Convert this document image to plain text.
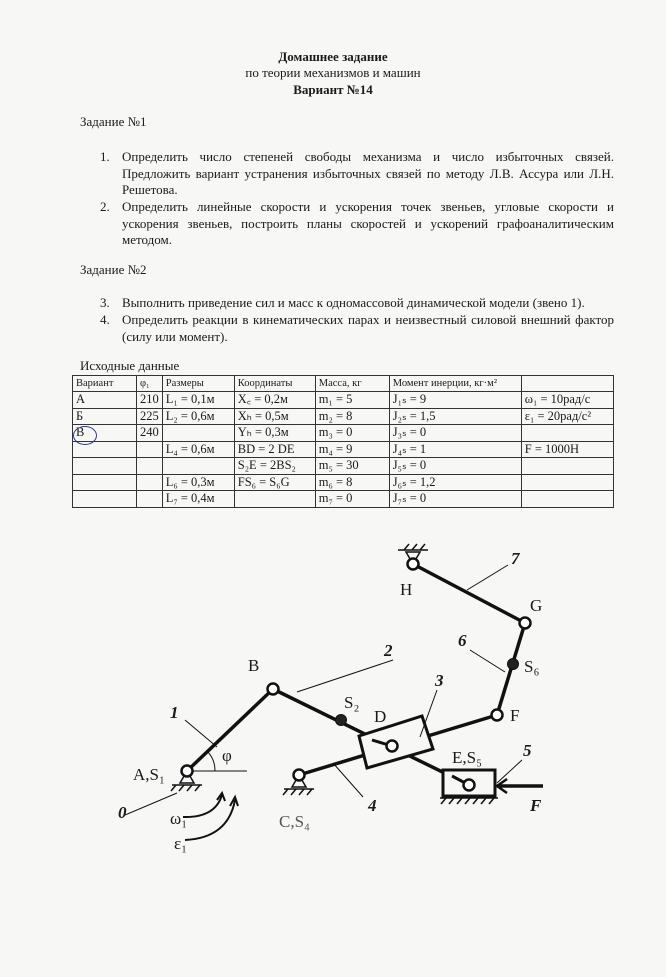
Домашнее задание
по теории механизмов и машин
Вариант №14
Задание №1
1. Определить число степеней свободы механизма и число избыточных связей. Предложить вариант устранения избыточных связей по методу Л.В. Ассура или Л.Н. Решетова.
2. Определить линейные скорости и ускорения точек звеньев, угловые скорости и ускорения звеньев, построить планы скоростей и ускорений графоаналитическим методом.
Задание №2
3. Выполнить приведение сил и масс к одномассовой динамической модели (звено 1).
4. Определить реакции в кинематических парах и неизвестный силовой внешний фактор (силу или момент).
Исходные данные
Вариант	φ₁	Размеры	Координаты	Масса, кг	Момент инерции, кг·м²	
А	210	L₁ = 0,1м	X꜀ = 0,2м	m₁ = 5	J₁ₛ = 9	ω₁ = 10рад/с
Б	225	L₂ = 0,6м	Xₕ = 0,5м	m₂ = 8	J₂ₛ = 1,5	ε₁ = 20рад/с²
В	240		Yₕ = 0,3м	m₃ = 0	J₃ₛ = 0	
		L₄ = 0,6м	BD = 2 DE	m₄ = 9	J₄ₛ = 1	F = 1000Н
			S₂E = 2BS₂	m₅ = 30	J₅ₛ = 0	
		L₆ = 0,3м	FS₆ = S₆G	m₆ = 8	J₆ₛ = 1,2	
		L₇ = 0,4м		m₇ = 0	J₇ₛ = 0	
A,S₁
B
S₂
D
E,S₅
C,S₄
F
S₆
G
H
0
1
2
3
4
5
6
7
φ
ω₁
ε₁
F
